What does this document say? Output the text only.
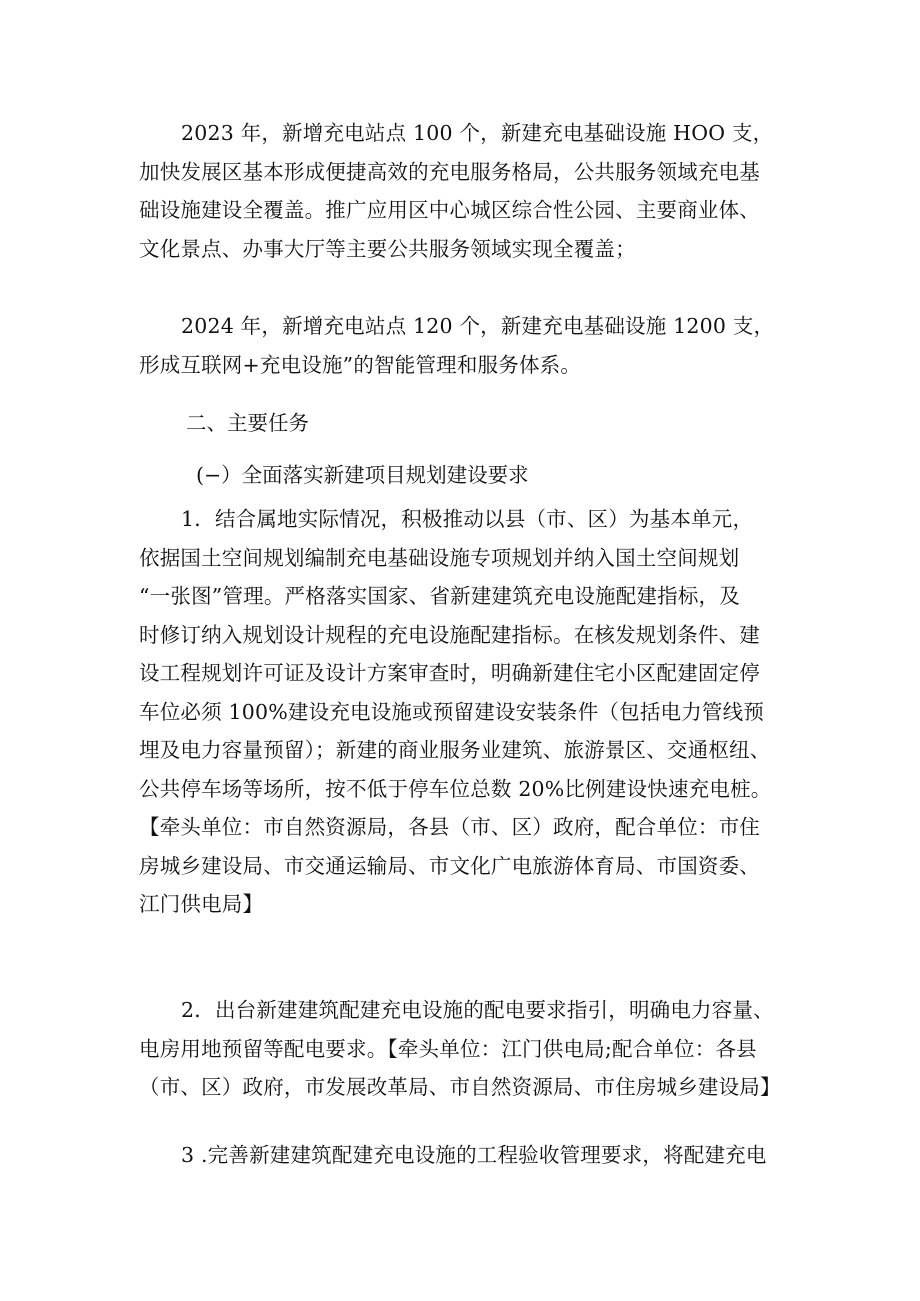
2023 年，新增充电站点 100 个，新建充电基础设施 HOO 支，
加快发展区基本形成便捷高效的充电服务格局，公共服务领域充电基
础设施建设全覆盖。推广应用区中心城区综合性公园、主要商业体、
文化景点、办事大厅等主要公共服务领域实现全覆盖；
2024 年，新增充电站点 120 个，新建充电基础设施 1200 支，
形成互联网+充电设施”的智能管理和服务体系。
二、主要任务
(−）全面落实新建项目规划建设要求
1．结合属地实际情况，积极推动以县（市、区）为基本单元，
依据国土空间规划编制充电基础设施专项规划并纳入国土空间规划
“一张图”管理。严格落实国家、省新建建筑充电设施配建指标，及
时修订纳入规划设计规程的充电设施配建指标。在核发规划条件、建
设工程规划许可证及设计方案审查时，明确新建住宅小区配建固定停
车位必须 100%建设充电设施或预留建设安装条件（包括电力管线预
埋及电力容量预留）；新建的商业服务业建筑、旅游景区、交通枢纽、
公共停车场等场所，按不低于停车位总数 20%比例建设快速充电桩。
【牵头单位：市自然资源局，各县（市、区）政府，配合单位：市住
房城乡建设局、市交通运输局、市文化广电旅游体育局、市国资委、
江门供电局】
2．出台新建建筑配建充电设施的配电要求指引，明确电力容量、
电房用地预留等配电要求。【牵头单位：江门供电局;配合单位：各县
（市、区）政府，市发展改革局、市自然资源局、市住房城乡建设局】
3 .完善新建建筑配建充电设施的工程验收管理要求，将配建充电
